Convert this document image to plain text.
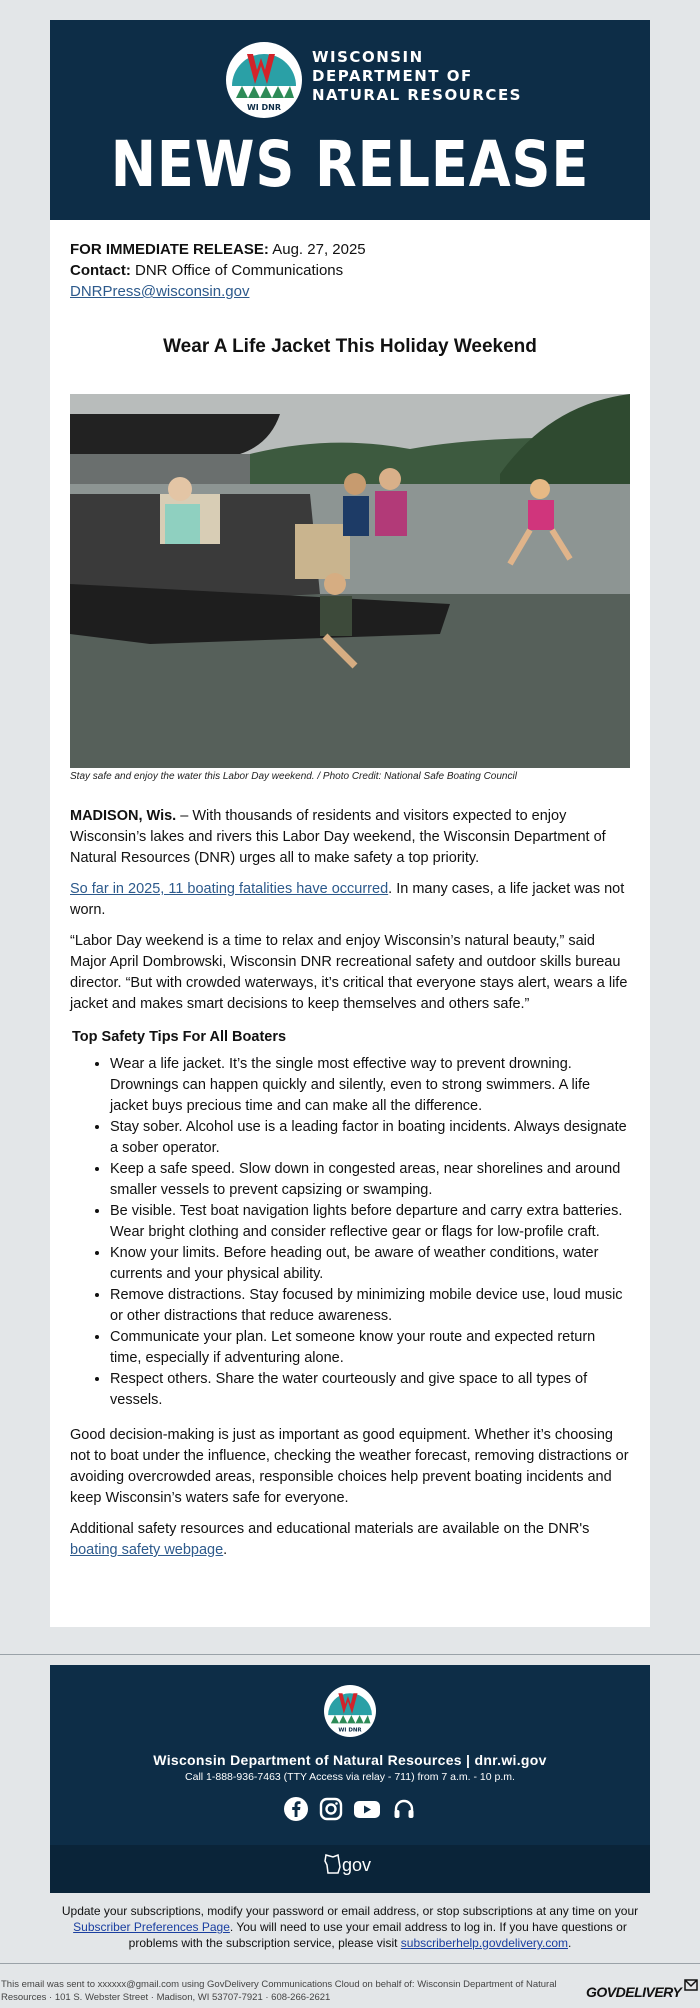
WI DNR
WISCONSIN
DEPARTMENT OF
NATURAL RESOURCES
NEWS RELEASE
FOR IMMEDIATE RELEASE: Aug. 27, 2025
Contact: DNR Office of Communications
DNRPress@wisconsin.gov
Wear A Life Jacket This Holiday Weekend
Stay safe and enjoy the water this Labor Day weekend. / Photo Credit: National Safe Boating Council

MADISON, Wis. – With thousands of residents and visitors expected to enjoy Wisconsin’s lakes and rivers this Labor Day weekend, the Wisconsin Department of Natural Resources (DNR) urges all to make safety a top priority.

So far in 2025, 11 boating fatalities have occurred. In many cases, a life jacket was not worn.

“Labor Day weekend is a time to relax and enjoy Wisconsin’s natural beauty,” said Major April Dombrowski, Wisconsin DNR recreational safety and outdoor skills bureau director. “But with crowded waterways, it’s critical that everyone stays alert, wears a life jacket and makes smart decisions to keep themselves and others safe.”

Top Safety Tips For All Boaters
• Wear a life jacket. It’s the single most effective way to prevent drowning. Drownings can happen quickly and silently, even to strong swimmers. A life jacket buys precious time and can make all the difference.
• Stay sober. Alcohol use is a leading factor in boating incidents. Always designate a sober operator.
• Keep a safe speed. Slow down in congested areas, near shorelines and around smaller vessels to prevent capsizing or swamping.
• Be visible. Test boat navigation lights before departure and carry extra batteries. Wear bright clothing and consider reflective gear or flags for low-profile craft.
• Know your limits. Before heading out, be aware of weather conditions, water currents and your physical ability.
• Remove distractions. Stay focused by minimizing mobile device use, loud music or other distractions that reduce awareness.
• Communicate your plan. Let someone know your route and expected return time, especially if adventuring alone.
• Respect others. Share the water courteously and give space to all types of vessels.

Good decision-making is just as important as good equipment. Whether it’s choosing not to boat under the influence, checking the weather forecast, removing distractions or avoiding overcrowded areas, responsible choices help prevent boating incidents and keep Wisconsin’s waters safe for everyone.

Additional safety resources and educational materials are available on the DNR's boating safety webpage.

WI DNR
Wisconsin Department of Natural Resources | dnr.wi.gov
Call 1-888-936-7463 (TTY Access via relay - 711) from 7 a.m. - 10 p.m.

gov
Update your subscriptions, modify your password or email address, or stop subscriptions at any time on your Subscriber Preferences Page. You will need to use your email address to log in. If you have questions or problems with the subscription service, please visit subscriberhelp.govdelivery.com.
This email was sent to xxxxxx@gmail.com using GovDelivery Communications Cloud on behalf of: Wisconsin Department of Natural Resources · 101 S. Webster Street · Madison, WI 53707-7921 · 608-266-2621	GOVDELIVERY
